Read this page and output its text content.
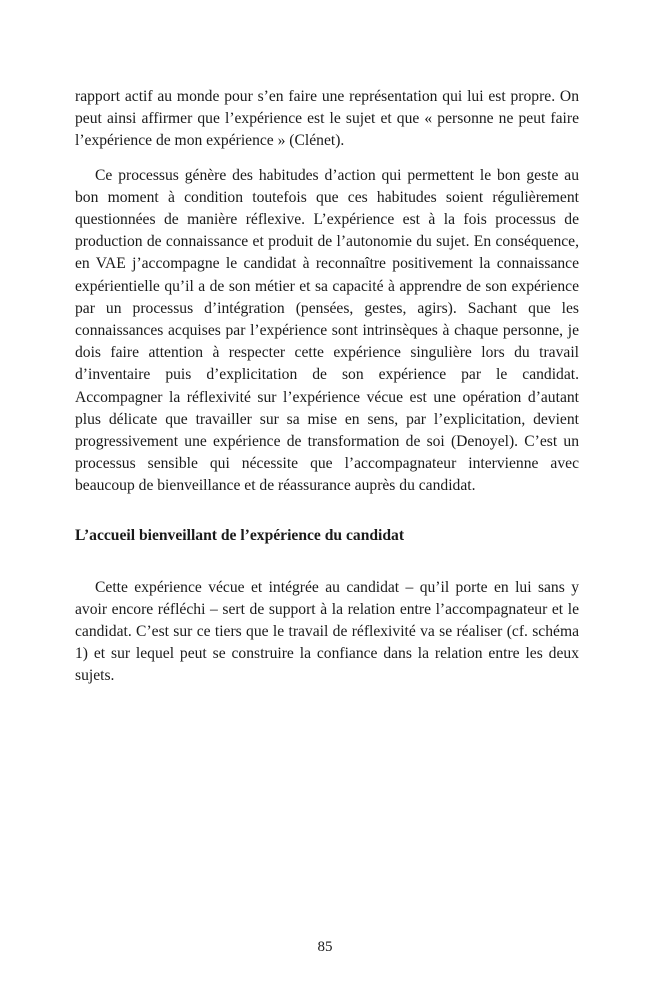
rapport actif au monde pour s’en faire une représentation qui lui est propre. On peut ainsi affirmer que l’expérience est le sujet et que « personne ne peut faire l’expérience de mon expérience » (Clénet).

Ce processus génère des habitudes d’action qui permettent le bon geste au bon moment à condition toutefois que ces habitudes soient régulièrement questionnées de manière réflexive. L’expérience est à la fois processus de production de connaissance et produit de l’autonomie du sujet. En conséquence, en VAE j’accompagne le candidat à reconnaître positivement la connaissance expérientielle qu’il a de son métier et sa capacité à apprendre de son expérience par un processus d’intégration (pensées, gestes, agirs). Sachant que les connaissances acquises par l’expérience sont intrinsèques à chaque personne, je dois faire attention à respecter cette expérience singulière lors du travail d’inventaire puis d’explicitation de son expérience par le candidat. Accompagner la réflexivité sur l’expérience vécue est une opération d’autant plus délicate que travailler sur sa mise en sens, par l’explicitation, devient progressivement une expérience de transformation de soi (Denoyel). C’est un processus sensible qui nécessite que l’accompagnateur intervienne avec beaucoup de bienveillance et de réassurance auprès du candidat.

L’accueil bienveillant de l’expérience du candidat

Cette expérience vécue et intégrée au candidat – qu’il porte en lui sans y avoir encore réfléchi – sert de support à la relation entre l’accompagnateur et le candidat. C’est sur ce tiers que le travail de réflexivité va se réaliser (cf. schéma 1) et sur lequel peut se construire la confiance dans la relation entre les deux sujets.

85
